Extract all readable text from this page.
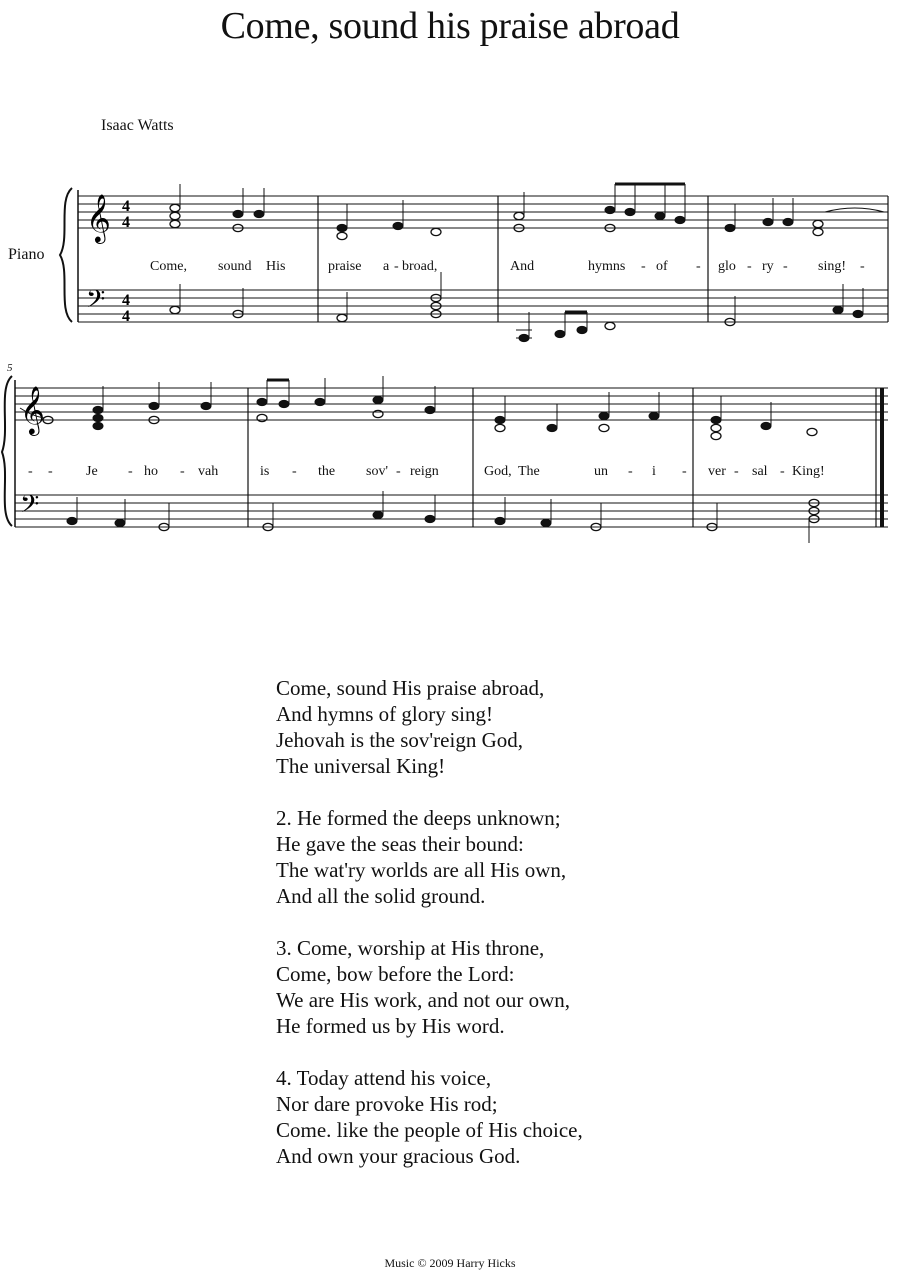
Come, sound his praise abroad
Isaac Watts
Piano
5
𝄞
𝄢
4
4
4
4
Come, sound His	praise a - broad,	And	hymns - of - glo - ry - sing! -
𝄞
𝄢
- - Je - ho - vah	is - the sov' - reign	God, The	un - i - ver - sal - King!
Come, sound His praise abroad,
And hymns of glory sing!
Jehovah is the sov'reign God,
The universal King!
2. He formed the deeps unknown;
He gave the seas their bound:
The wat'ry worlds are all His own,
And all the solid ground.
3. Come, worship at His throne,
Come, bow before the Lord:
We are His work, and not our own,
He formed us by His word.
4. Today attend his voice,
Nor dare provoke His rod;
Come. like the people of His choice,
And own your gracious God.
Music © 2009 Harry Hicks
